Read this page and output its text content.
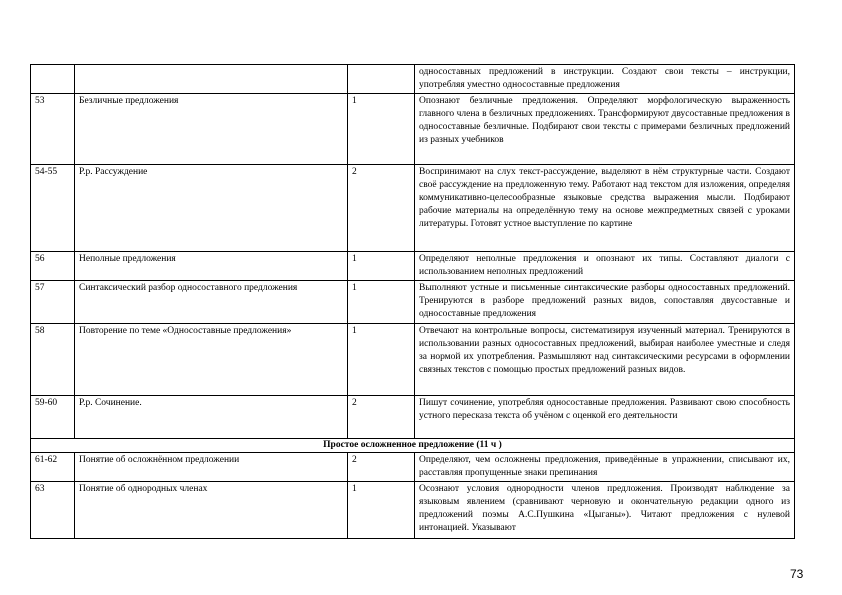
			односоставных предложений в инструкции. Создают свои тексты – инструкции, употребляя уместно односоставные предложения
53	Безличные предложения	1	Опознают безличные предложения. Определяют морфологическую выраженность главного члена в безличных предложениях. Трансформируют двусоставные предложения в односоставные безличные. Подбирают свои тексты с примерами безличных предложений из разных учебников
54-55	Р.р. Рассуждение	2	Воспринимают на слух текст-рассуждение, выделяют в нём структурные части. Создают своё рассуждение на предложенную тему. Работают над текстом для изложения, определяя коммуникативно-целесообразные языковые средства выражения мысли. Подбирают рабочие материалы на определённую тему на основе межпредметных связей с уроками литературы. Готовят устное выступление по картине
56	Неполные предложения	1	Определяют неполные предложения и опознают их типы. Составляют диалоги с использованием неполных предложений
57	Синтаксический разбор односоставного предложения	1	Выполняют устные и письменные синтаксические разборы односоставных предложений. Тренируются в разборе предложений разных видов, сопоставляя двусоставные и односоставные предложения
58	Повторение по теме «Односоставные предложения»	1	Отвечают на контрольные вопросы, систематизируя изученный материал. Тренируются в использовании разных односоставных предложений, выбирая наиболее уместные и следя за нормой их употребления. Размышляют над синтаксическими ресурсами в оформлении связных текстов с помощью простых предложений разных видов.
59-60	Р.р. Сочинение.	2	Пишут сочинение, употребляя односоставные предложения. Развивают свою способность устного пересказа текста об учёном с оценкой его деятельности
Простое осложненное предложение (11 ч )			
61-62	Понятие об осложнённом предложении	2	Определяют, чем осложнены предложения, приведённые в упражнении, списывают их, расставляя пропущенные знаки препинания
63	Понятие об однородных членах	1	Осознают условия однородности членов предложения. Производят наблюдение за языковым явлением (сравнивают черновую и окончательную редакции одного из предложений поэмы А.С.Пушкина «Цыганы»). Читают предложения с нулевой интонацией. Указывают
73
